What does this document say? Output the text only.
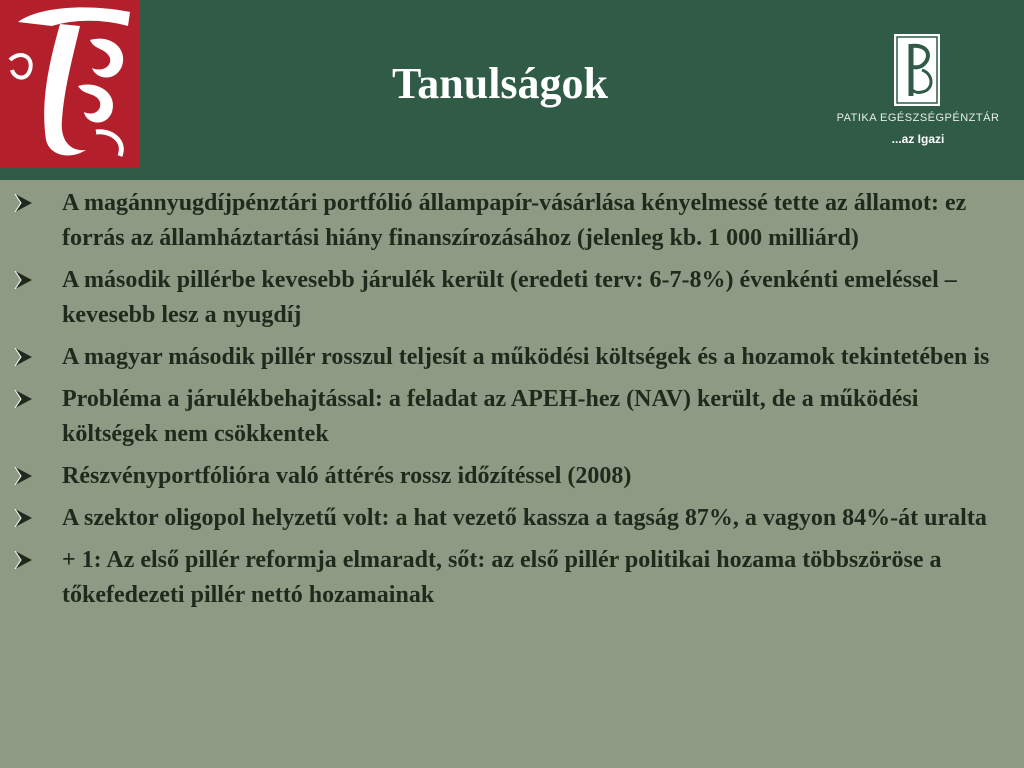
Tanulságok
PATIKA EGÉSZSÉGPÉNZTÁR
...az Igazi
A magánnyugdíjpénztári portfólió állampapír-vásárlása kényelmessé tette az államot: ez forrás az államháztartási hiány finanszírozásához (jelenleg kb. 1 000 milliárd)
A második pillérbe kevesebb járulék került (eredeti terv: 6-7-8%) évenkénti emeléssel – kevesebb lesz a nyugdíj
A magyar második pillér rosszul teljesít a működési költségek és a hozamok tekintetében is
Probléma a járulékbehajtással: a feladat az APEH-hez (NAV) került, de a működési költségek nem csökkentek
Részvényportfólióra való áttérés rossz időzítéssel (2008)
A szektor oligopol helyzetű volt: a hat vezető kassza a tagság 87%, a vagyon 84%-át uralta
+ 1: Az első pillér reformja elmaradt, sőt: az első pillér politikai hozama többszöröse a tőkefedezeti pillér nettó hozamainak
